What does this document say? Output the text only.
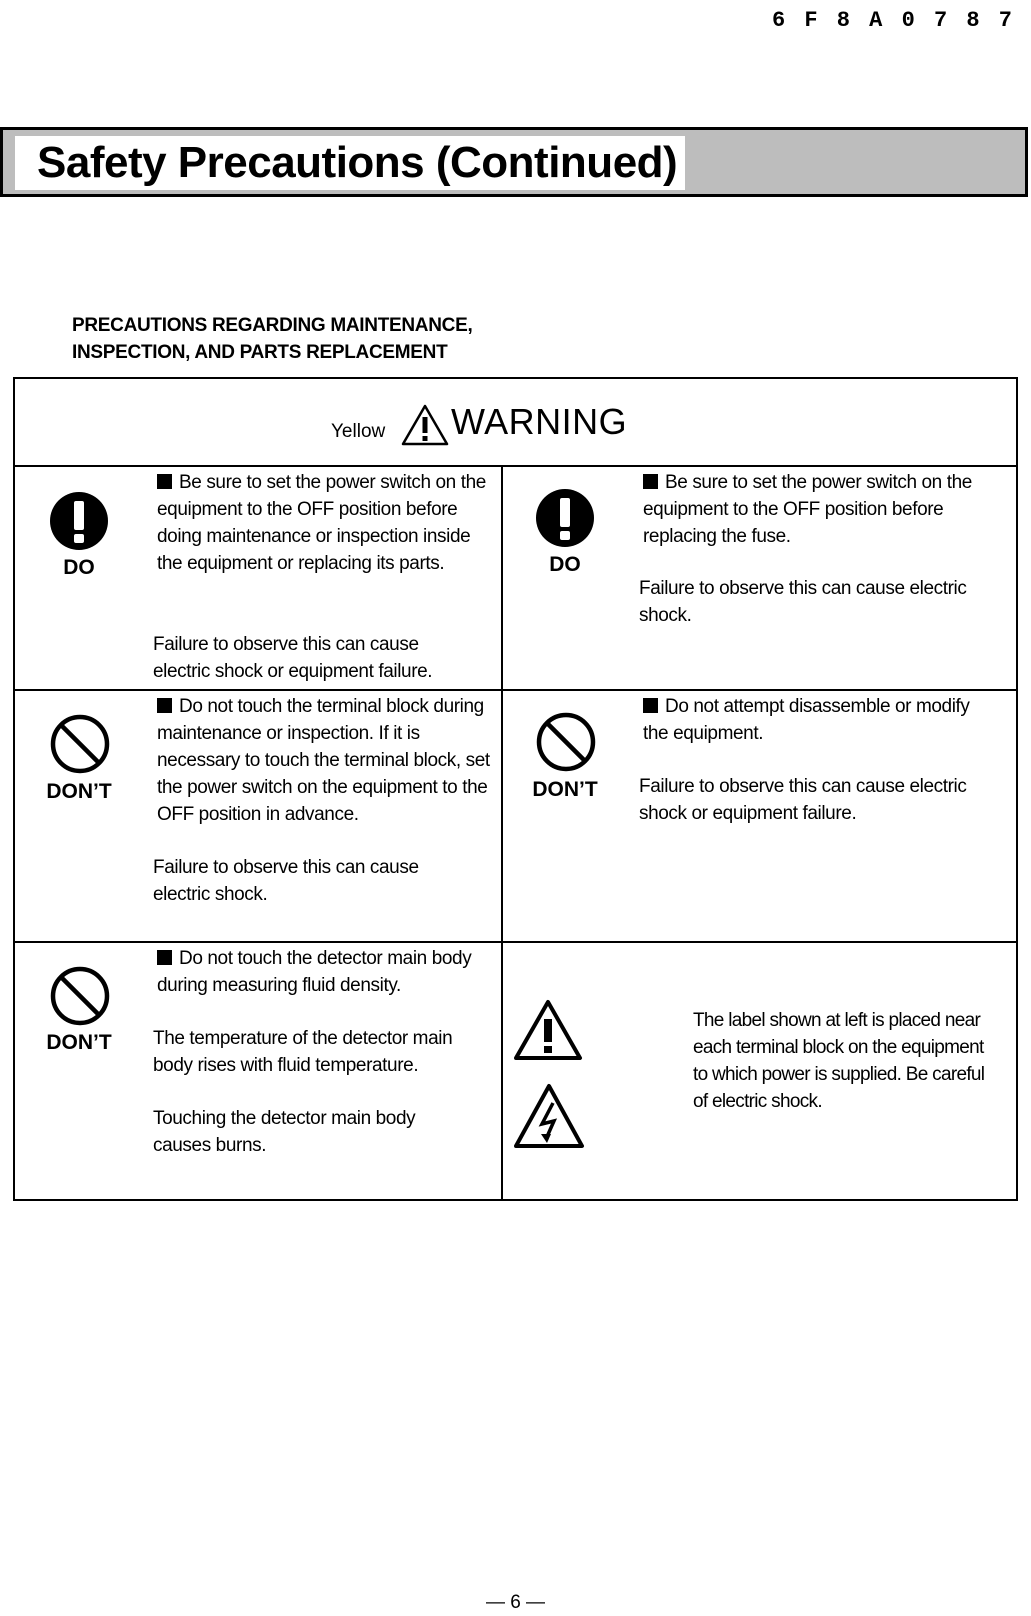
6 F 8 A 0 7 8 7
Safety Precautions (Continued)
PRECAUTIONS REGARDING MAINTENANCE,
INSPECTION, AND PARTS REPLACEMENT
Yellow WARNING
DO
Be sure to set the power switch on the equipment to the OFF position before doing maintenance or inspection inside the equipment or replacing its parts.
Failure to observe this can cause electric shock or equipment failure.
DO
Be sure to set the power switch on the equipment to the OFF position before replacing the fuse.
Failure to observe this can cause electric shock.
DON’T
Do not touch the terminal block during maintenance or inspection. If it is necessary to touch the terminal block, set the power switch on the equipment to the OFF position in advance.
Failure to observe this can cause electric shock.
DON’T
Do not attempt disassemble or modify the equipment.
Failure to observe this can cause electric shock or equipment failure.
DON’T
Do not touch the detector main body during measuring fluid density.
The temperature of the detector main body rises with fluid temperature.
Touching the detector main body causes burns.
The label shown at left is placed near each terminal block on the equipment to which power is supplied. Be careful of electric shock.
— 6 —
